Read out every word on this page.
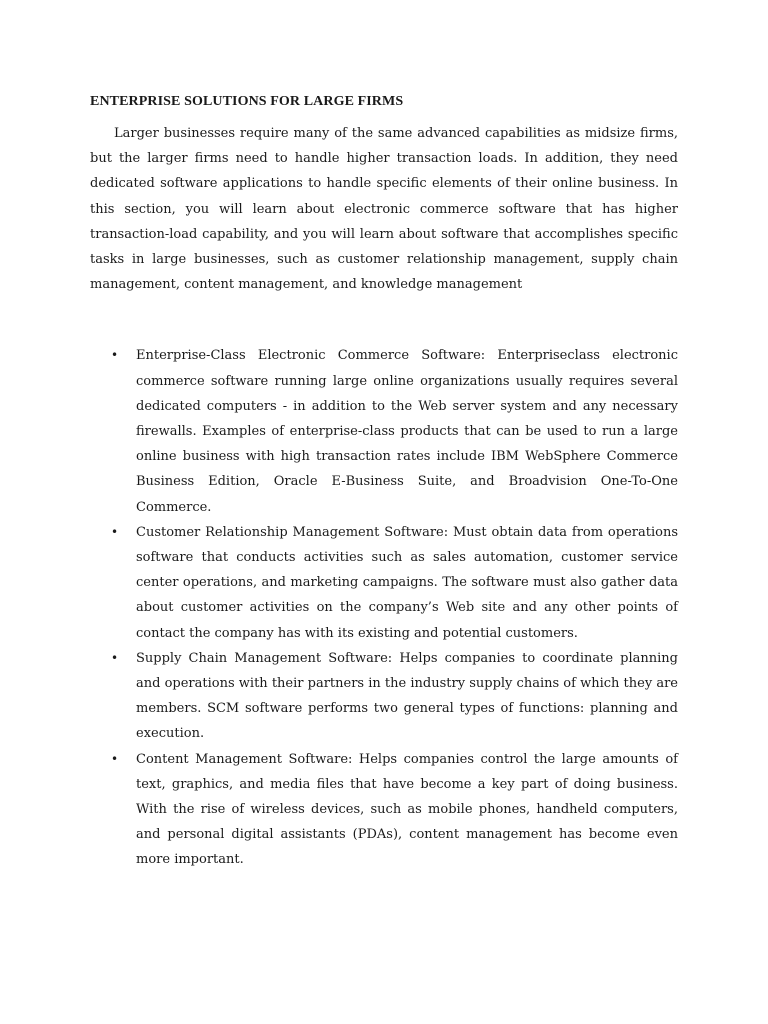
ENTERPRISE SOLUTIONS FOR LARGE FIRMS

Larger businesses require many of the same advanced capabilities as midsize firms, but the larger firms need to handle higher transaction loads. In addition, they need dedicated software applications to handle specific elements of their online business. In this section, you will learn about electronic commerce software that has higher transaction-load capability, and you will learn about software that accomplishes specific tasks in large businesses, such as customer relationship management, supply chain management, content management, and knowledge management

• Enterprise-Class Electronic Commerce Software: Enterpriseclass electronic commerce software running large online organizations usually requires several dedicated computers - in addition to the Web server system and any necessary firewalls. Examples of enterprise-class products that can be used to run a large online business with high transaction rates include IBM WebSphere Commerce Business Edition, Oracle E-Business Suite, and Broadvision One-To-One Commerce.
• Customer Relationship Management Software: Must obtain data from operations software that conducts activities such as sales automation, customer service center operations, and marketing campaigns. The software must also gather data about customer activities on the company’s Web site and any other points of contact the company has with its existing and potential customers.
• Supply Chain Management Software: Helps companies to coordinate planning and operations with their partners in the industry supply chains of which they are members. SCM software performs two general types of functions: planning and execution.
• Content Management Software: Helps companies control the large amounts of text, graphics, and media files that have become a key part of doing business. With the rise of wireless devices, such as mobile phones, handheld computers, and personal digital assistants (PDAs), content management has become even more important.
